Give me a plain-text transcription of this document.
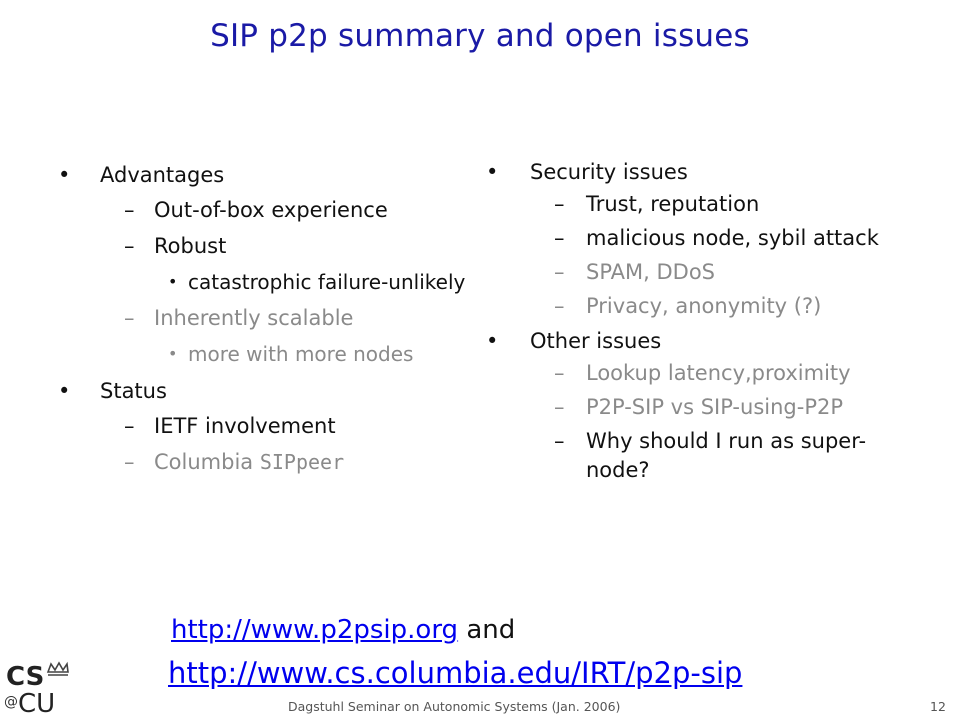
SIP p2p summary and open issues
• Advantages
– Out-of-box experience
– Robust
• catastrophic failure-unlikely
– Inherently scalable
• more with more nodes
• Status
– IETF involvement
– Columbia SIPpeer
• Security issues
– Trust, reputation
– malicious node, sybil attack
– SPAM, DDoS
– Privacy, anonymity (?)
• Other issues
– Lookup latency,proximity
– P2P-SIP vs SIP-using-P2P
– Why should I run as super-node?
http://www.p2psip.org and
http://www.cs.columbia.edu/IRT/p2p-sip
CS
@ CU	Dagstuhl Seminar on Autonomic Systems (Jan. 2006)	12
